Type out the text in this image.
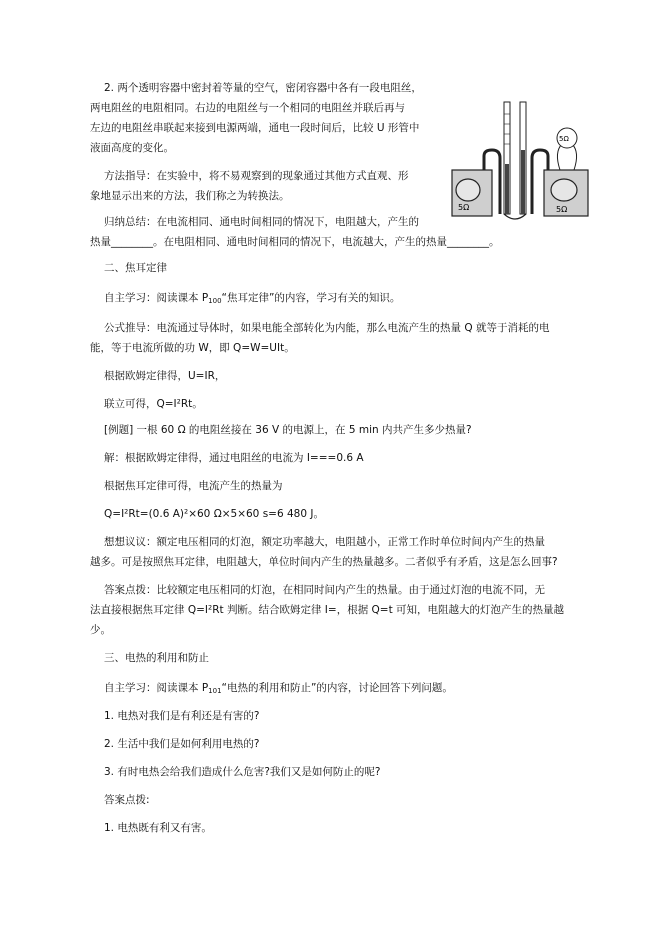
2. 两个透明容器中密封着等量的空气，密闭容器中各有一段电阻丝，
两电阻丝的电阻相同。右边的电阻丝与一个相同的电阻丝并联后再与
左边的电阻丝串联起来接到电源两端，通电一段时间后，比较 U 形管中
液面高度的变化。
方法指导：在实验中，将不易观察到的现象通过其他方式直观、形
象地显示出来的方法，我们称之为转换法。
归纳总结：在电流相同、通电时间相同的情况下，电阻越大，产生的
热量________。在电阻相同、通电时间相同的情况下，电流越大，产生的热量________。
5Ω	5Ω
5Ω
二、焦耳定律
自主学习：阅读课本 $P_{100}“$焦耳定律”的内容，学习有关的知识。
公式推导：电流通过导体时，如果电能全部转化为内能，那么电流产生的热量 Q 就等于消耗的电
能，等于电流所做的功 W，即 Q=W=UIt。
根据欧姆定律得，U=IR，
联立可得，Q=I²Rt。
[例题] 一根 60 Ω 的电阻丝接在 36 V 的电源上，在 5 min 内共产生多少热量?
解：根据欧姆定律得，通过电阻丝的电流为 I===0.6 A
根据焦耳定律可得，电流产生的热量为
Q=I²Rt=(0.6 A)²×60 Ω×5×60 s=6 480 J。
想想议议：额定电压相同的灯泡，额定功率越大，电阻越小，正常工作时单位时间内产生的热量
越多。可是按照焦耳定律，电阻越大，单位时间内产生的热量越多。二者似乎有矛盾，这是怎么回事?
答案点拨：比较额定电压相同的灯泡，在相同时间内产生的热量。由于通过灯泡的电流不同，无
法直接根据焦耳定律 Q=I²Rt 判断。结合欧姆定律 I=，根据 Q=t 可知，电阻越大的灯泡产生的热量越
少。
三、电热的利用和防止
自主学习：阅读课本 $P_{101}“$电热的利用和防止”的内容，讨论回答下列问题。
1. 电热对我们是有利还是有害的?
2. 生活中我们是如何利用电热的?
3. 有时电热会给我们造成什么危害?我们又是如何防止的呢?
答案点拨:
1. 电热既有利又有害。
